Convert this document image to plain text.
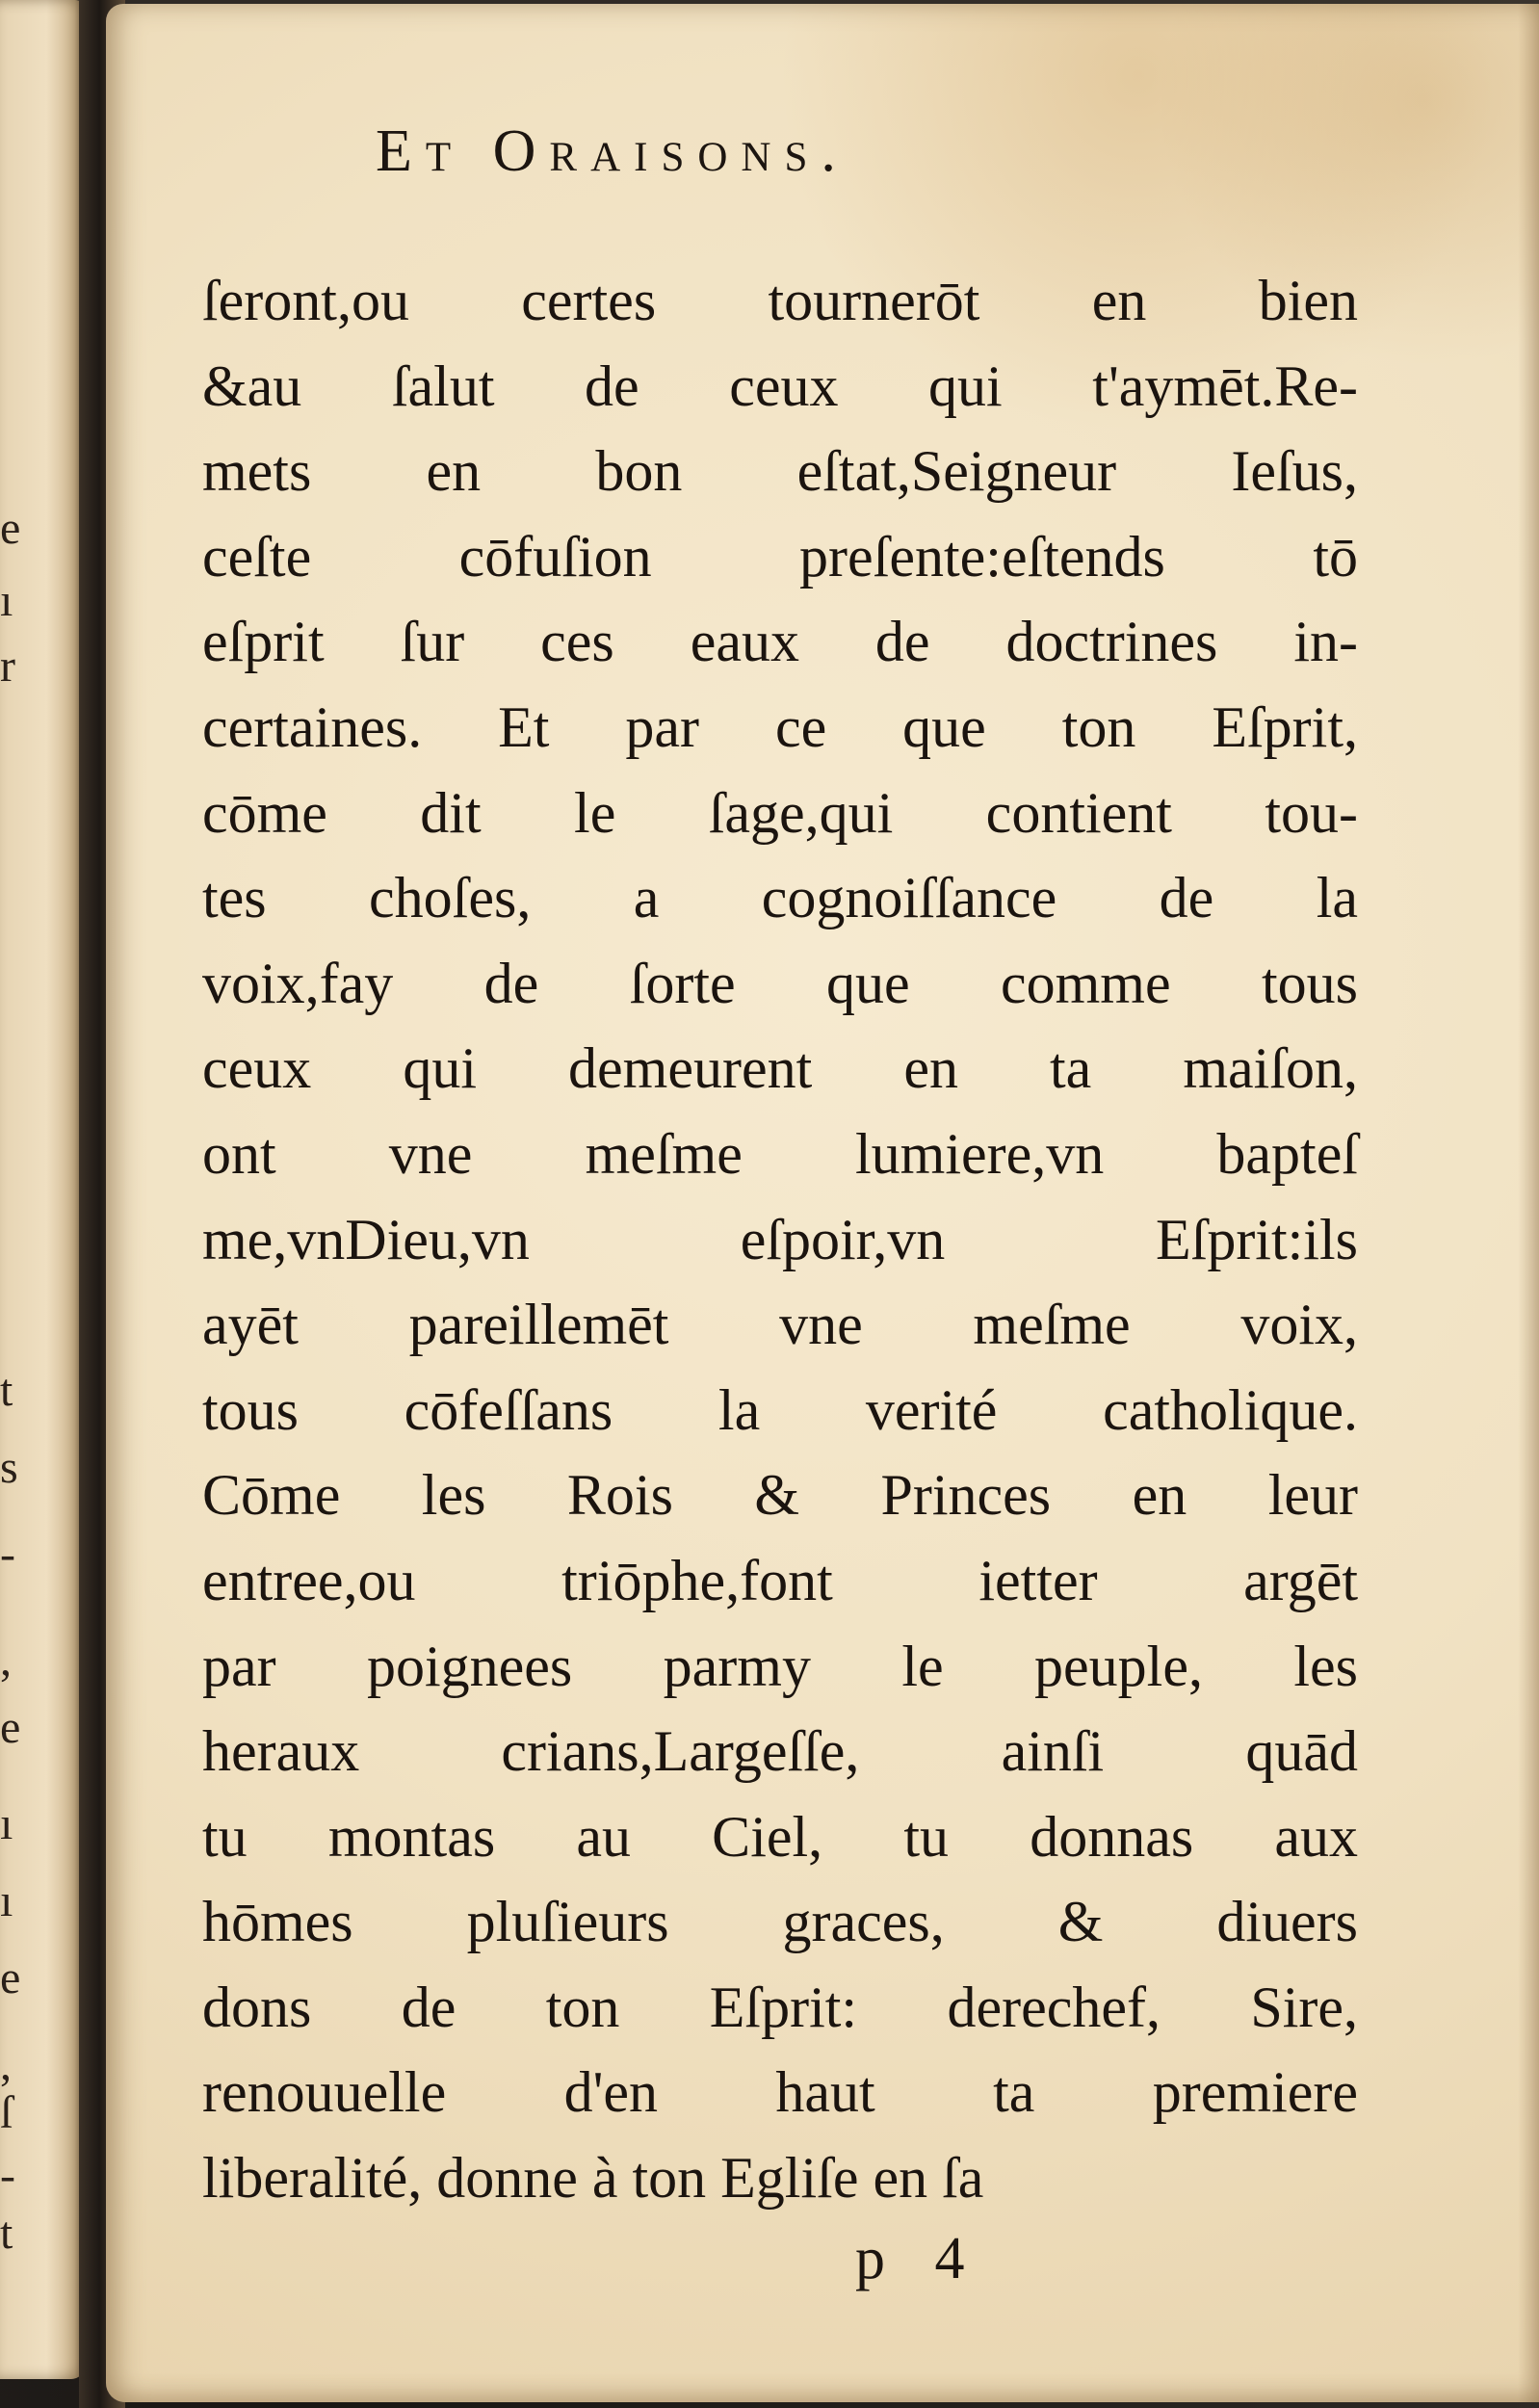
e
ı
r
t
s
-
,
e
ı
ı
e
,
ſ
-
t
Et Oraisons.
ſeront,ou certes tournerōt en bien
&au ſalut de ceux qui t'aymēt.Re-
mets en bon eſtat,Seigneur Ieſus,
ceſte cōfuſion preſente:eſtends tō
eſprit ſur ces eaux de doctrines in-
certaines. Et par ce que ton Eſprit,
cōme dit le ſage,qui contient tou-
tes choſes, a cognoiſſance de la
voix,fay de ſorte que comme tous
ceux qui demeurent en ta maiſon,
ont vne meſme lumiere,vn bapteſ
me,vnDieu,vn eſpoir,vn Eſprit:ils
ayēt pareillemēt vne meſme voix,
tous cōfeſſans la verité catholique.
Cōme les Rois & Princes en leur
entree,ou triōphe,font ietter argēt
par poignees parmy le peuple, les
heraux crians,Largeſſe, ainſi quād
tu montas au Ciel, tu donnas aux
hōmes pluſieurs graces, & diuers
dons de ton Eſprit: derechef, Sire,
renouuelle d'en haut ta premiere
liberalité, donne à ton Egliſe en ſa

p 4
